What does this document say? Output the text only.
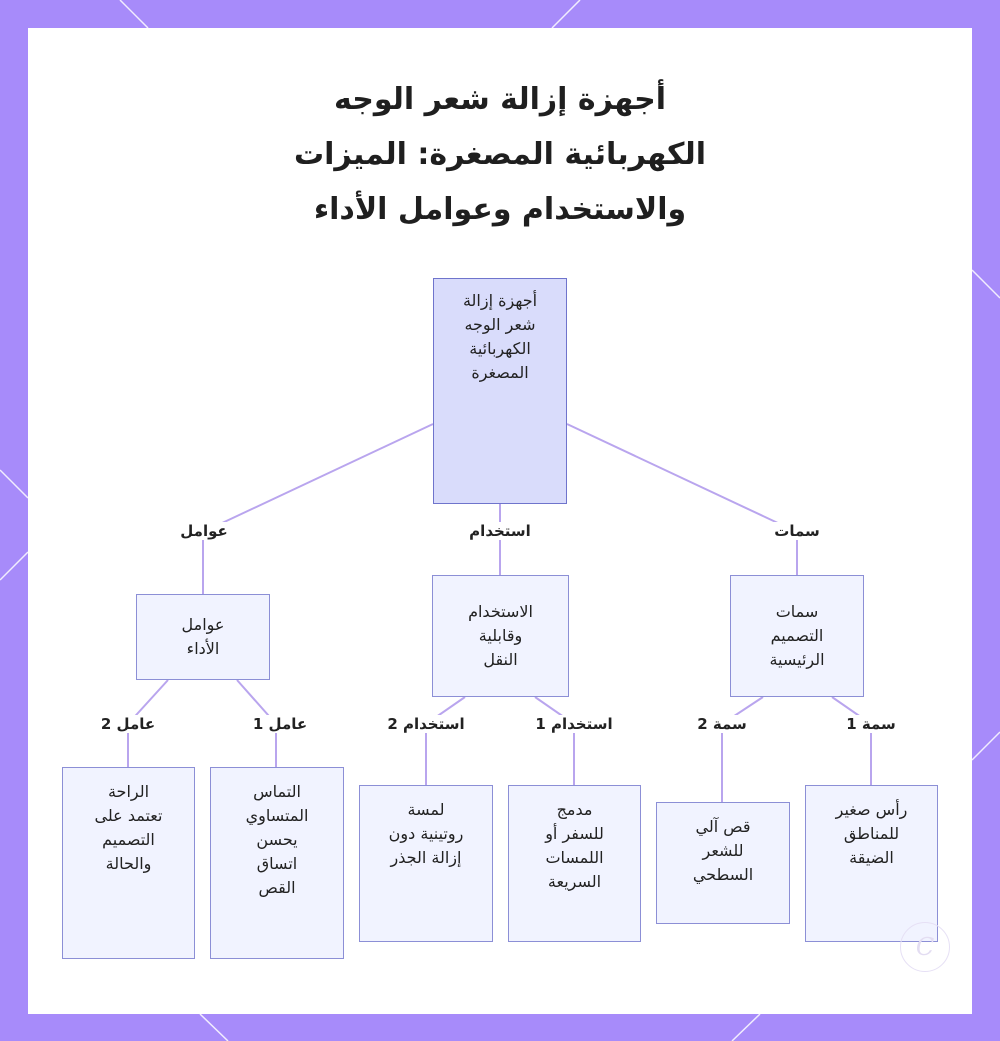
أجهزة إزالة شعر الوجه
الكهربائية المصغرة: الميزات
والاستخدام وعوامل الأداء
أجهزة إزالة
شعر الوجه
الكهربائية
المصغرة
عوامل
الأداء
الاستخدام
وقابلية
النقل
سمات
التصميم
الرئيسية
الراحة
تعتمد على
التصميم
والحالة
التماس
المتساوي
يحسن
اتساق
القص
لمسة
روتينية دون
إزالة الجذر
مدمج
للسفر أو
اللمسات
السريعة
قص آلي
للشعر
السطحي
رأس صغير
للمناطق
الضيقة
عوامل	استخدام	سمات
عامل 2	عامل 1	استخدام 2	استخدام 1	سمة 2	سمة 1
C
